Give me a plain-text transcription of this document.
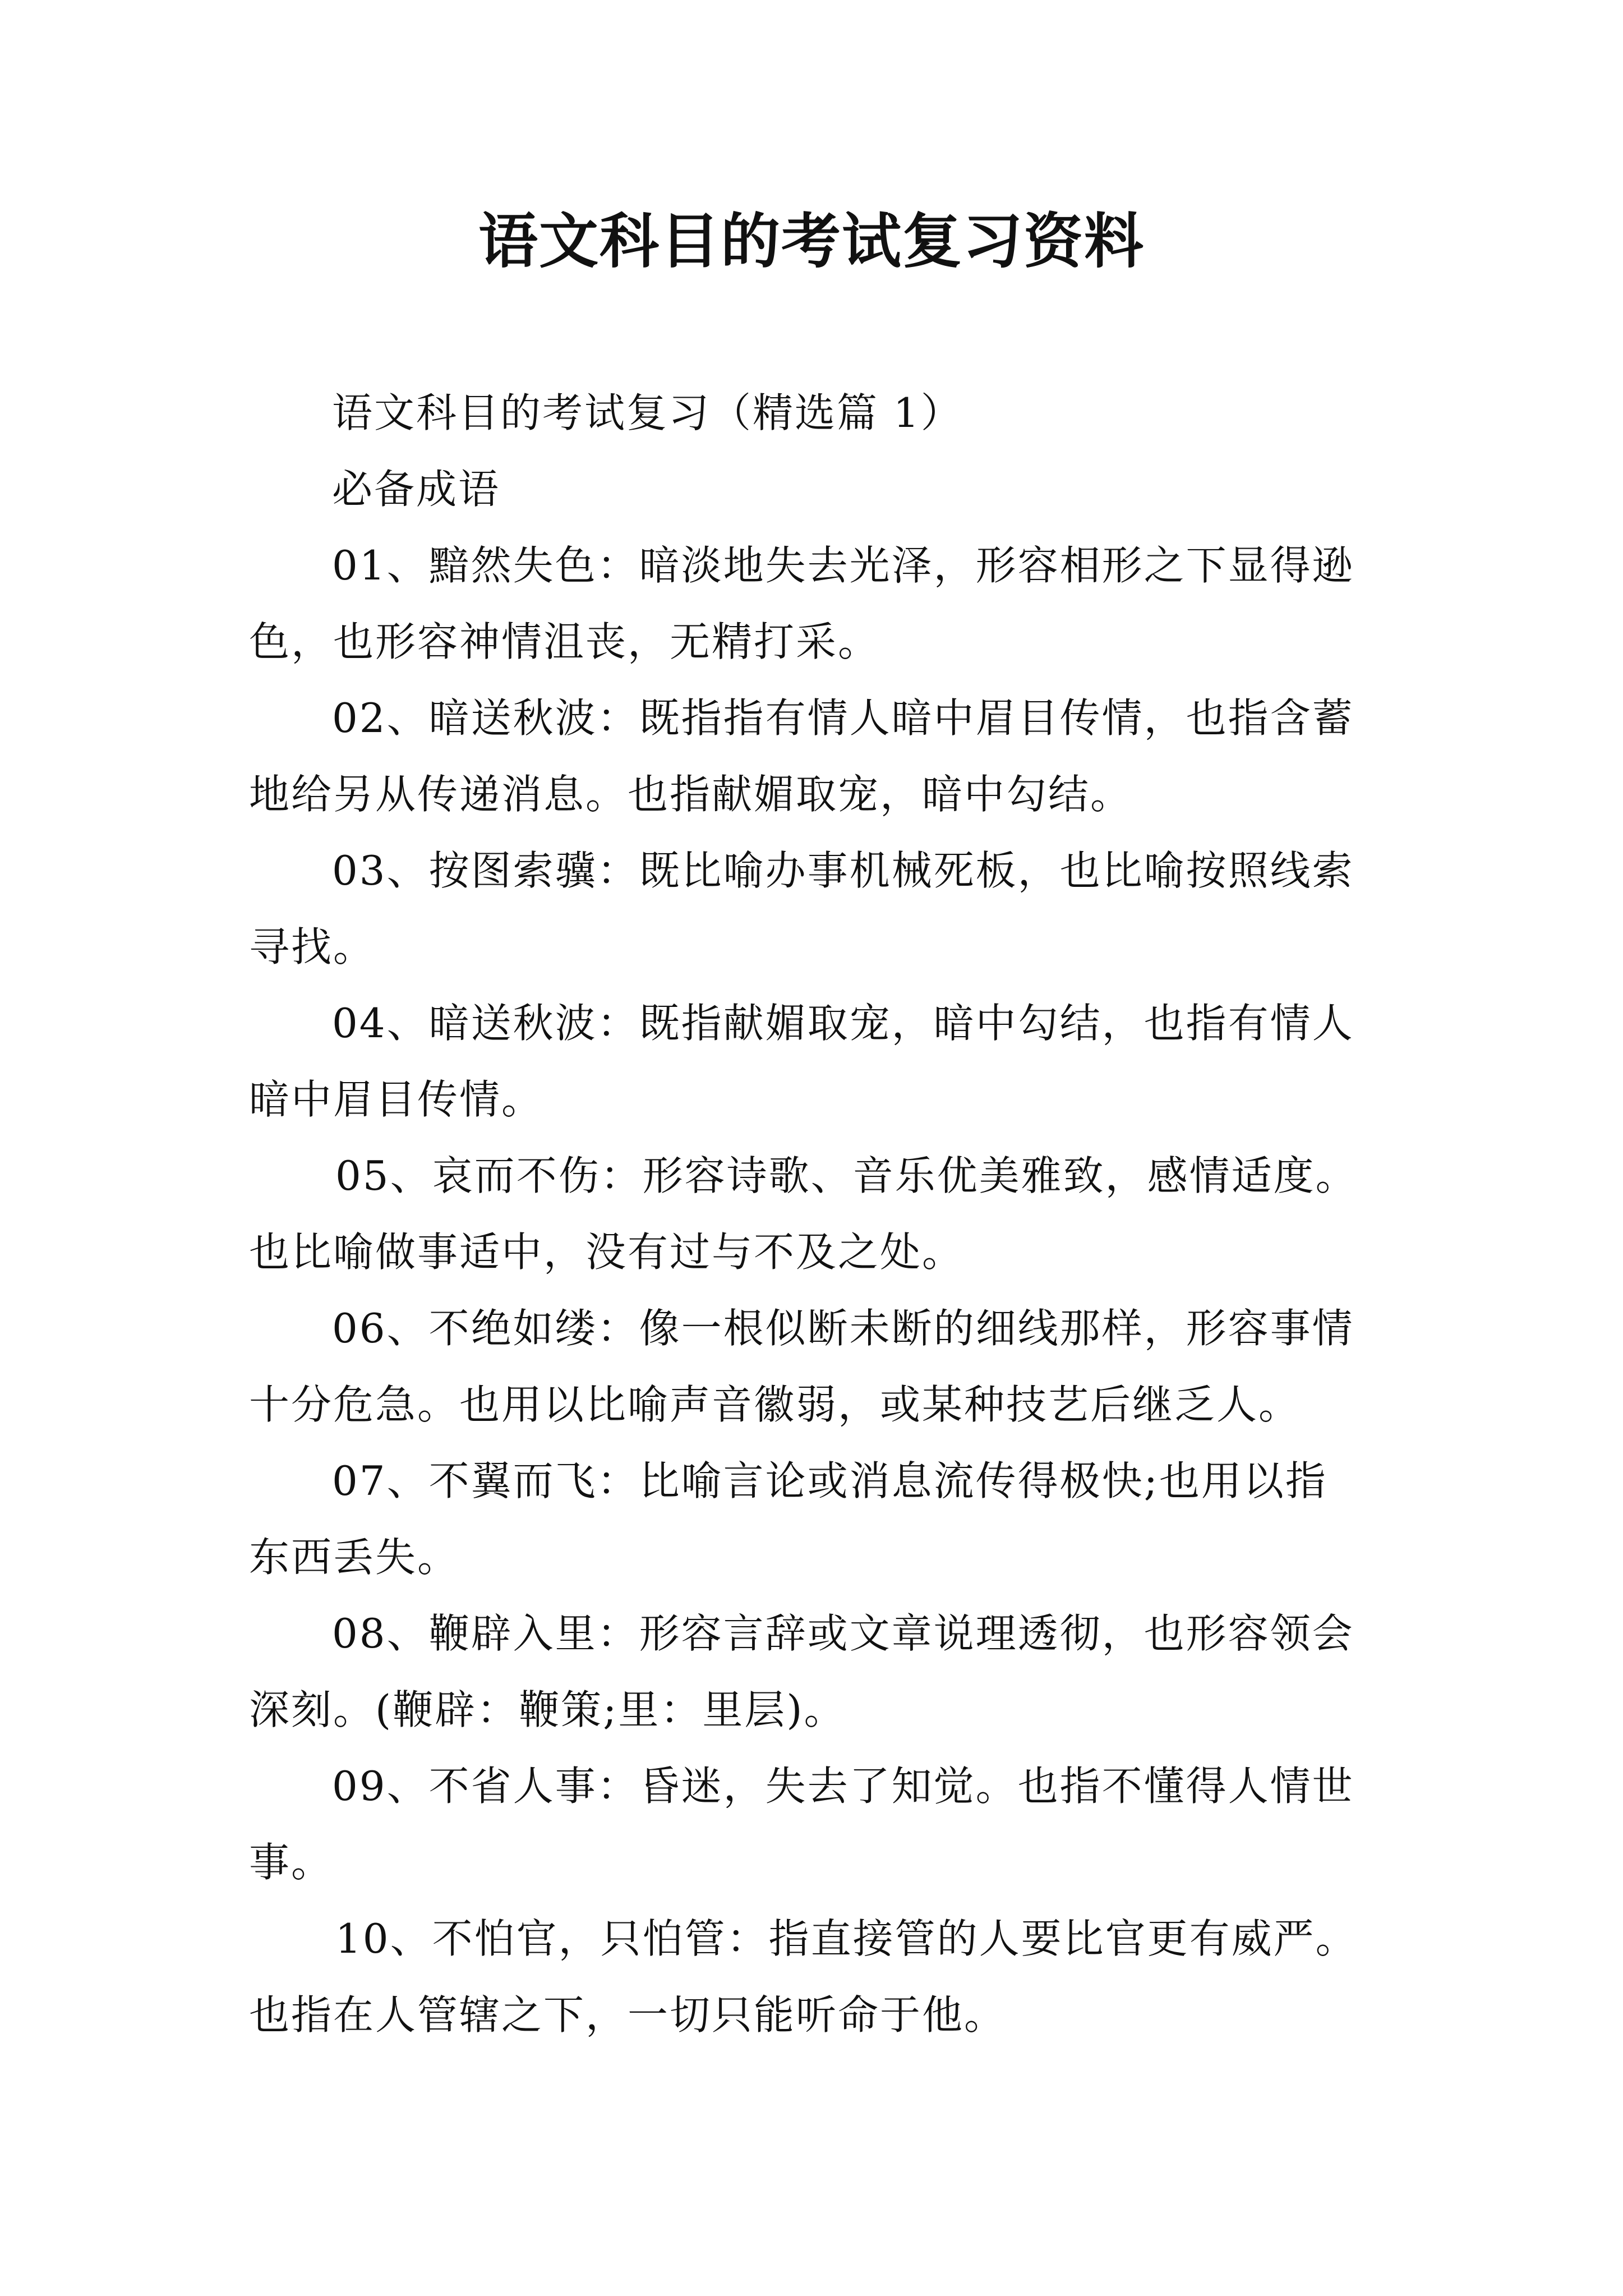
语文科目的考试复习资料
语文科目的考试复习（精选篇 1）
必备成语
01、黯然失色：暗淡地失去光泽，形容相形之下显得逊
色，也形容神情沮丧，无精打采。
02、暗送秋波：既指指有情人暗中眉目传情，也指含蓄
地给另从传递消息。也指献媚取宠，暗中勾结。
03、按图索骥：既比喻办事机械死板，也比喻按照线索
寻找。
04、暗送秋波：既指献媚取宠，暗中勾结，也指有情人
暗中眉目传情。
05、哀而不伤：形容诗歌、音乐优美雅致，感情适度。
也比喻做事适中，没有过与不及之处。
06、不绝如缕：像一根似断未断的细线那样，形容事情
十分危急。也用以比喻声音徽弱，或某种技艺后继乏人。
07、不翼而飞：比喻言论或消息流传得极快;也用以指
东西丢失。
08、鞭辟入里：形容言辞或文章说理透彻，也形容领会
深刻。(鞭辟：鞭策;里：里层)。
09、不省人事：昏迷，失去了知觉。也指不懂得人情世
事。
10、不怕官，只怕管：指直接管的人要比官更有威严。
也指在人管辖之下，一切只能听命于他。
